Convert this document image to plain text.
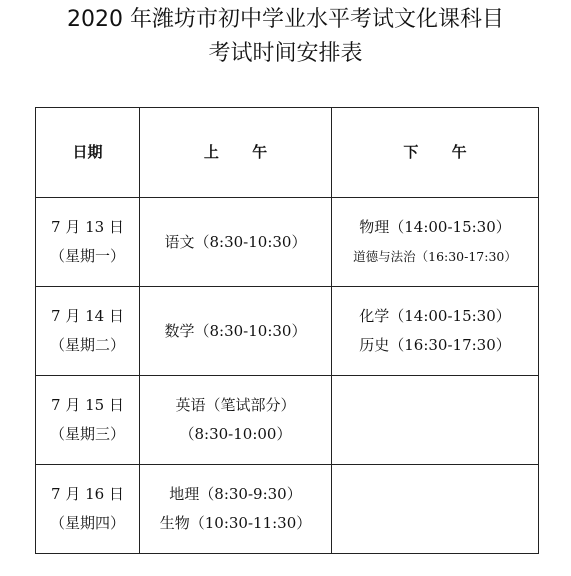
2020 年潍坊市初中学业水平考试文化课科目
考试时间安排表
日期	上 午	下 午

7 月 13 日
（星期一）	语文（8:30-10:30）	物理（14:00-15:30）
道德与法治（16:30-17:30）

7 月 14 日
（星期二）	数学（8:30-10:30）	化学（14:00-15:30）
历史（16:30-17:30）

7 月 15 日
（星期三）	英语（笔试部分）
（8:30-10:00）	

7 月 16 日
（星期四）	地理（8:30-9:30）
生物（10:30-11:30）	
